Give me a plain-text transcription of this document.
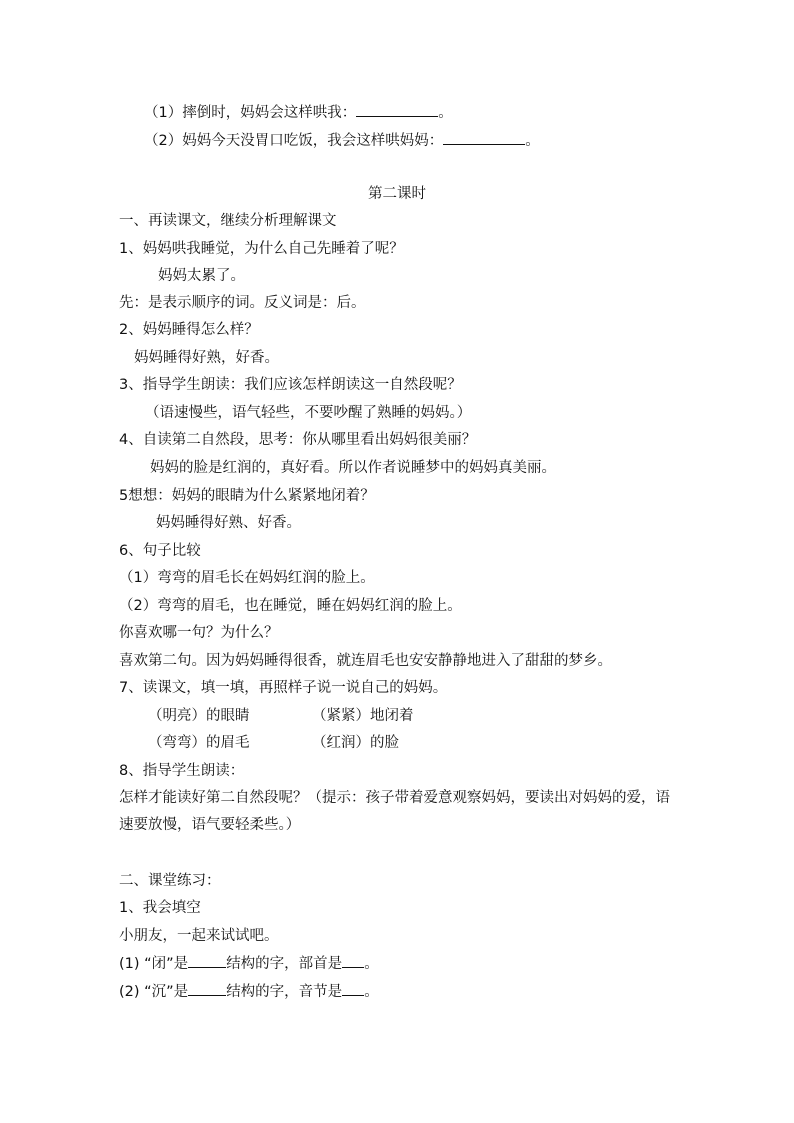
（1）摔倒时，妈妈会这样哄我：	。
（2）妈妈今天没胃口吃饭，我会这样哄妈妈：	。
第二课时
一、再读课文，继续分析理解课文
1、妈妈哄我睡觉，为什么自己先睡着了呢？
妈妈太累了。
先：是表示顺序的词。反义词是：后。
2、妈妈睡得怎么样？
妈妈睡得好熟，好香。
3、指导学生朗读：我们应该怎样朗读这一自然段呢？
（语速慢些，语气轻些，不要吵醒了熟睡的妈妈。）
4、自读第二自然段，思考：你从哪里看出妈妈很美丽？
妈妈的脸是红润的，真好看。所以作者说睡梦中的妈妈真美丽。
5想想：妈妈的眼睛为什么紧紧地闭着？
妈妈睡得好熟、好香。
6、句子比较
（1）弯弯的眉毛长在妈妈红润的脸上。
（2）弯弯的眉毛，也在睡觉，睡在妈妈红润的脸上。
你喜欢哪一句？为什么？
喜欢第二句。因为妈妈睡得很香，就连眉毛也安安静静地进入了甜甜的梦乡。
7、读课文，填一填，再照样子说一说自己的妈妈。
（明亮）的眼睛	（紧紧）地闭着
（弯弯）的眉毛	（红润）的脸
8、指导学生朗读：
怎样才能读好第二自然段呢？（提示：孩子带着爱意观察妈妈，要读出对妈妈的爱，语速要放慢，语气要轻柔些。）
二、课堂练习：
1、我会填空
小朋友，一起来试试吧。
(1) “闭”是	结构的字，部首是 。
(2) “沉”是	结构的字，音节是 。
